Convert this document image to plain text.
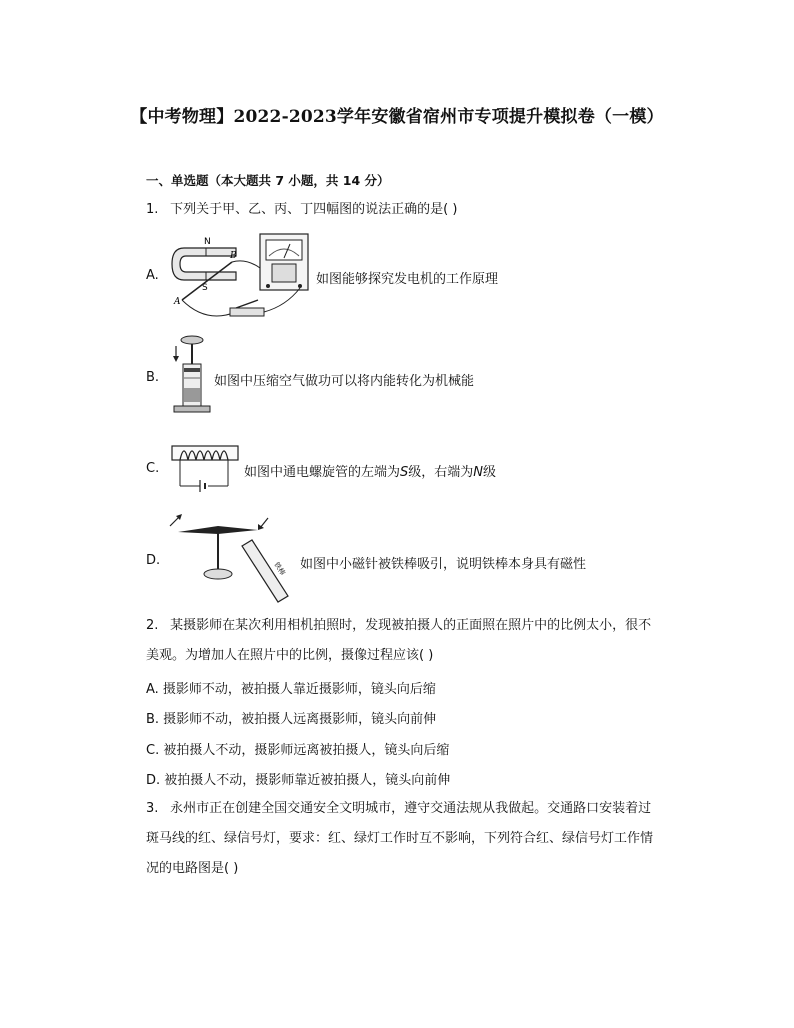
【中考物理】2022-2023学年安徽省宿州市专项提升模拟卷（一模）
一、单选题（本大题共 7 小题，共 14 分）
1. 下列关于甲、乙、丙、丁四幅图的说法正确的是( )
A.
N
S
A
B
如图能够探究发电机的工作原理
B.	如图中压缩空气做功可以将内能转化为机械能
C.	如图中通电螺旋管的左端为S级，右端为N级
D.
铁棒 如图中小磁针被铁棒吸引，说明铁棒本身具有磁性
2. 某摄影师在某次利用相机拍照时，发现被拍摄人的正面照在照片中的比例太小，很不
美观。为增加人在照片中的比例，摄像过程应该( )
A. 摄影师不动，被拍摄人靠近摄影师，镜头向后缩
B. 摄影师不动，被拍摄人远离摄影师，镜头向前伸
C. 被拍摄人不动，摄影师远离被拍摄人，镜头向后缩
D. 被拍摄人不动，摄影师靠近被拍摄人，镜头向前伸
3. 永州市正在创建全国交通安全文明城市，遵守交通法规从我做起。交通路口安装着过
斑马线的红、绿信号灯，要求：红、绿灯工作时互不影响，下列符合红、绿信号灯工作情
况的电路图是( )
